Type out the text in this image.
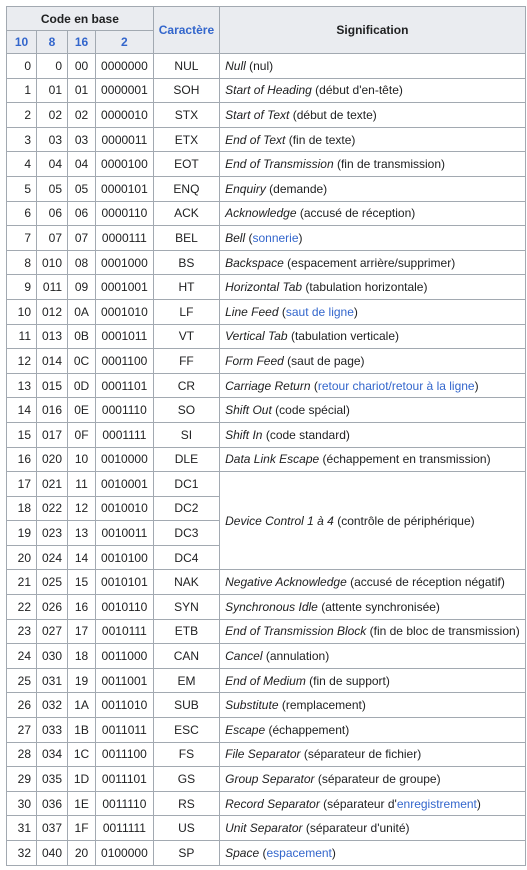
Code en base				Caractère	Signification
10	8	16	2		
0	0	00	0000000	NUL	Null (nul)
1	01	01	0000001	SOH	Start of Heading (début d'en-tête)
2	02	02	0000010	STX	Start of Text (début de texte)
3	03	03	0000011	ETX	End of Text (fin de texte)
4	04	04	0000100	EOT	End of Transmission (fin de transmission)
5	05	05	0000101	ENQ	Enquiry (demande)
6	06	06	0000110	ACK	Acknowledge (accusé de réception)
7	07	07	0000111	BEL	Bell (sonnerie)
8	010	08	0001000	BS	Backspace (espacement arrière/supprimer)
9	011	09	0001001	HT	Horizontal Tab (tabulation horizontale)
10	012	0A	0001010	LF	Line Feed (saut de ligne)
11	013	0B	0001011	VT	Vertical Tab (tabulation verticale)
12	014	0C	0001100	FF	Form Feed (saut de page)
13	015	0D	0001101	CR	Carriage Return (retour chariot/retour à la ligne)
14	016	0E	0001110	SO	Shift Out (code spécial)
15	017	0F	0001111	SI	Shift In (code standard)
16	020	10	0010000	DLE	Data Link Escape (échappement en transmission)
17	021	11	0010001	DC1	Device Control 1 à 4 (contrôle de périphérique)
18	022	12	0010010	DC2	
19	023	13	0010011	DC3	
20	024	14	0010100	DC4	
21	025	15	0010101	NAK	Negative Acknowledge (accusé de réception négatif)
22	026	16	0010110	SYN	Synchronous Idle (attente synchronisée)
23	027	17	0010111	ETB	End of Transmission Block (fin de bloc de transmission)
24	030	18	0011000	CAN	Cancel (annulation)
25	031	19	0011001	EM	End of Medium (fin de support)
26	032	1A	0011010	SUB	Substitute (remplacement)
27	033	1B	0011011	ESC	Escape (échappement)
28	034	1C	0011100	FS	File Separator (séparateur de fichier)
29	035	1D	0011101	GS	Group Separator (séparateur de groupe)
30	036	1E	0011110	RS	Record Separator (séparateur d'enregistrement)
31	037	1F	0011111	US	Unit Separator (séparateur d'unité)
32	040	20	0100000	SP	Space (espacement)
